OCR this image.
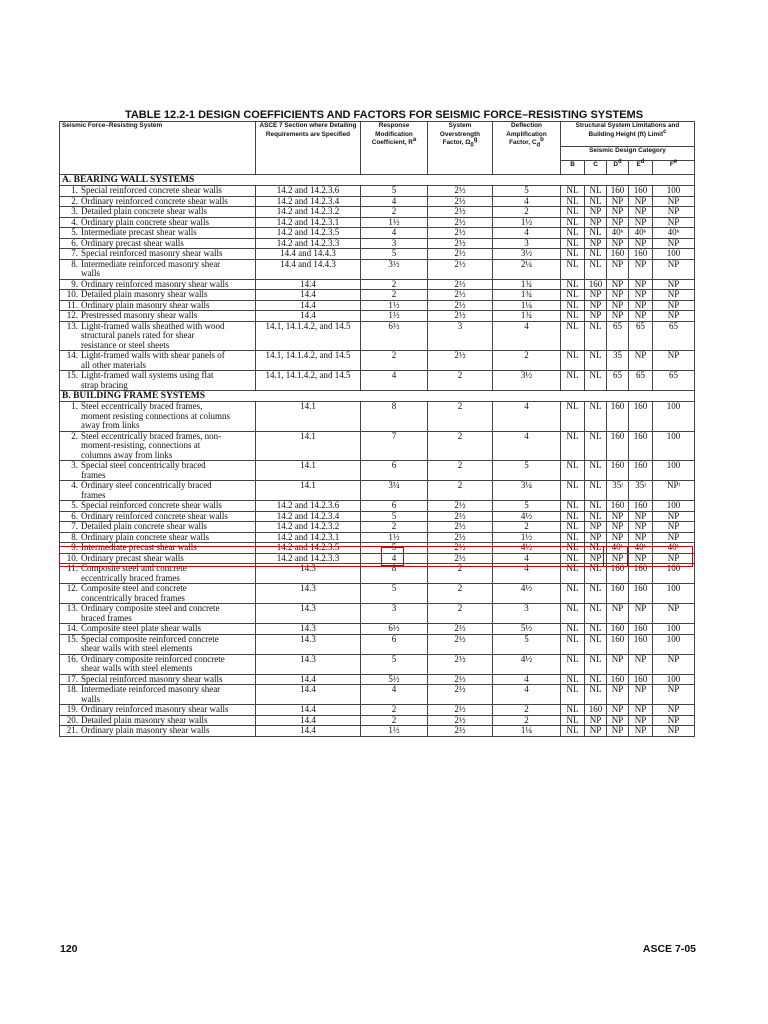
TABLE 12.2-1 DESIGN COEFFICIENTS AND FACTORS FOR SEISMIC FORCE–RESISTING SYSTEMS
Seismic Force–Resisting System	ASCE 7 Section where Detailing Requirements are Specified	Response Modification Coefficient, $R^a$	System Overstrength Factor, $\Omega_0^g$	Deflection Amplification Factor, $C_d^b$	Structural System Limitations and Building Height (ft) Limit$^c$
					Seismic Design Category				
					B	C	$D^d$	$E^d$	$F^e$
A. BEARING WALL SYSTEMS									
1. Special reinforced concrete shear walls	14.2 and 14.2.3.6	5	2½	5	NL	NL	160	160	100
2. Ordinary reinforced concrete shear walls	14.2 and 14.2.3.4	4	2½	4	NL	NL	NP	NP	NP
3. Detailed plain concrete shear walls	14.2 and 14.2.3.2	2	2½	2	NL	NP	NP	NP	NP
4. Ordinary plain concrete shear walls	14.2 and 14.2.3.1	1½	2½	1½	NL	NP	NP	NP	NP
5. Intermediate precast shear walls	14.2 and 14.2.3.5	4	2½	4	NL	NL	40ᵏ	40ᵏ	40ᵏ
6. Ordinary precast shear walls	14.2 and 14.2.3.3	3	2½	3	NL	NP	NP	NP	NP
7. Special reinforced masonry shear walls	14.4 and 14.4.3	5	2½	3½	NL	NL	160	160	100
8. Intermediate reinforced masonry shear walls	14.4 and 14.4.3	3½	2½	2¼	NL	NL	NP	NP	NP
9. Ordinary reinforced masonry shear walls	14.4	2	2½	1¾	NL	160	NP	NP	NP
10. Detailed plain masonry shear walls	14.4	2	2½	1¾	NL	NP	NP	NP	NP
11. Ordinary plain masonry shear walls	14.4	1½	2½	1¼	NL	NP	NP	NP	NP
12. Prestressed masonry shear walls	14.4	1½	2½	1¾	NL	NP	NP	NP	NP
13. Light-framed walls sheathed with wood structural panels rated for shear resistance or steel sheets	14.1, 14.1.4.2, and 14.5	6½	3	4	NL	NL	65	65	65
14. Light-framed walls with shear panels of all other materials	14.1, 14.1.4.2, and 14.5	2	2½	2	NL	NL	35	NP	NP
15. Light-framed wall systems using flat strap bracing	14.1, 14.1.4.2, and 14.5	4	2	3½	NL	NL	65	65	65
B. BUILDING FRAME SYSTEMS									
1. Steel eccentrically braced frames, moment resisting connections at columns away from links	14.1	8	2	4	NL	NL	160	160	100
2. Steel eccentrically braced frames, non-moment-resisting, connections at columns away from links	14.1	7	2	4	NL	NL	160	160	100
3. Special steel concentrically braced frames	14.1	6	2	5	NL	NL	160	160	100
4. Ordinary steel concentrically braced frames	14.1	3¼	2	3¼	NL	NL	35ʲ	35ʲ	NPʲ
5. Special reinforced concrete shear walls	14.2 and 14.2.3.6	6	2½	5	NL	NL	160	160	100
6. Ordinary reinforced concrete shear walls	14.2 and 14.2.3.4	5	2½	4½	NL	NL	NP	NP	NP
7. Detailed plain concrete shear walls	14.2 and 14.2.3.2	2	2½	2	NL	NP	NP	NP	NP
8. Ordinary plain concrete shear walls	14.2 and 14.2.3.1	1½	2½	1½	NL	NP	NP	NP	NP
9. Intermediate precast shear walls	14.2 and 14.2.3.5	5	2½	4½	NL	NL	40ᵏ	40ᵏ	40ᵏ
10. Ordinary precast shear walls	14.2 and 14.2.3.3	4	2½	4	NL	NP	NP	NP	NP
11. Composite steel and concrete eccentrically braced frames	14.3	8	2	4	NL	NL	160	160	100
12. Composite steel and concrete concentrically braced frames	14.3	5	2	4½	NL	NL	160	160	100
13. Ordinary composite steel and concrete braced frames	14.3	3	2	3	NL	NL	NP	NP	NP
14. Composite steel plate shear walls	14.3	6½	2½	5½	NL	NL	160	160	100
15. Special composite reinforced concrete shear walls with steel elements	14.3	6	2½	5	NL	NL	160	160	100
16. Ordinary composite reinforced concrete shear walls with steel elements	14.3	5	2½	4½	NL	NL	NP	NP	NP
17. Special reinforced masonry shear walls	14.4	5½	2½	4	NL	NL	160	160	100
18. Intermediate reinforced masonry shear walls	14.4	4	2½	4	NL	NL	NP	NP	NP
19. Ordinary reinforced masonry shear walls	14.4	2	2½	2	NL	160	NP	NP	NP
20. Detailed plain masonry shear walls	14.4	2	2½	2	NL	NP	NP	NP	NP
21. Ordinary plain masonry shear walls	14.4	1½	2½	1¼	NL	NP	NP	NP	NP
120	ASCE 7-05
